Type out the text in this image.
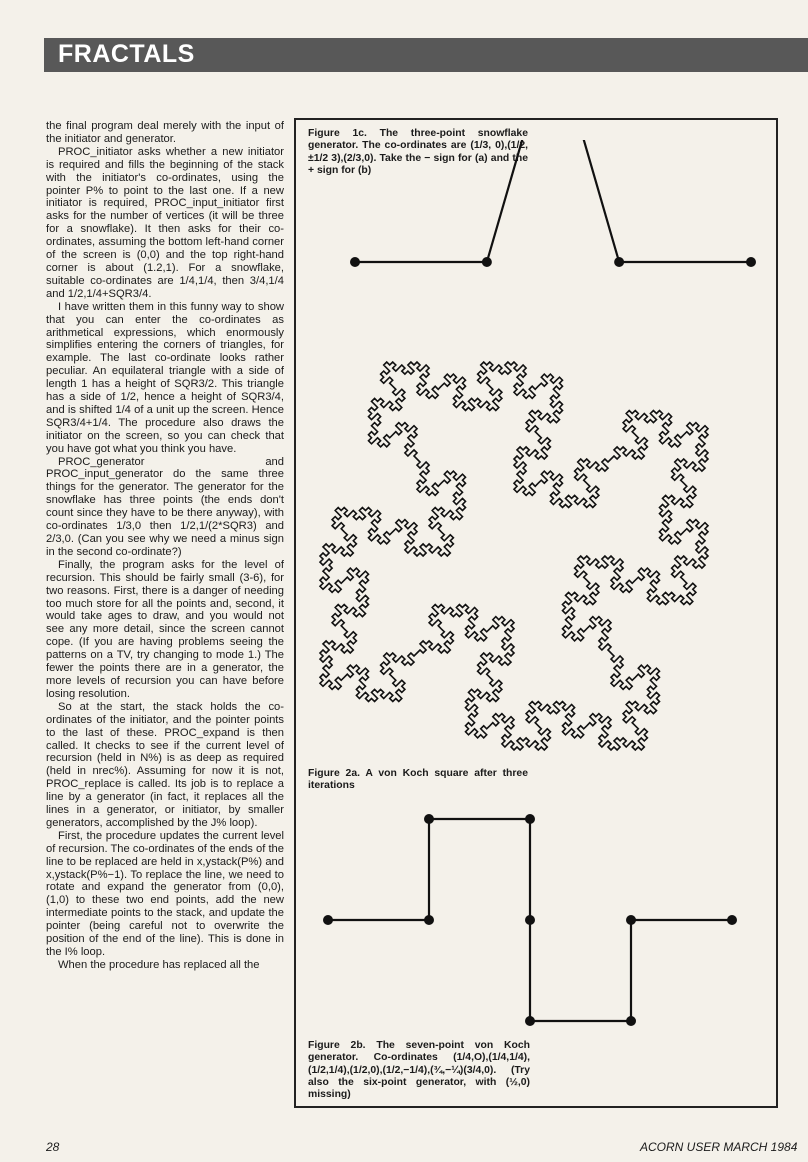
FRACTALS

the final program deal merely with the input of the initiator and generator.

PROC_initiator asks whether a new initiator is required and fills the beginning of the stack with the initiator's co-ordinates, using the pointer P% to point to the last one. If a new initiator is required, PROC_input_initiator first asks for the number of vertices (it will be three for a snowflake). It then asks for their co-ordinates, assuming the bottom left-hand corner of the screen is (0,0) and the top right-hand corner is about (1.2,1). For a snowflake, suitable co-ordinates are 1/4,1/4, then 3/4,1/4 and 1/2,1/4+SQR3/4.

I have written them in this funny way to show that you can enter the co-ordinates as arithmetical expressions, which enormously simplifies entering the corners of triangles, for example. The last co-ordinate looks rather peculiar. An equilateral triangle with a side of length 1 has a height of SQR3/2. This triangle has a side of 1/2, hence a height of SQR3/4, and is shifted 1/4 of a unit up the screen. Hence SQR3/4+1/4. The procedure also draws the initiator on the screen, so you can check that you have got what you think you have.

PROC_generator and PROC_input_generator do the same three things for the generator. The generator for the snowflake has three points (the ends don't count since they have to be there anyway), with co-ordinates 1/3,0 then 1/2,1/(2*SQR3) and 2/3,0. (Can you see why we need a minus sign in the second co-ordinate?)

Finally, the program asks for the level of recursion. This should be fairly small (3-6), for two reasons. First, there is a danger of needing too much store for all the points and, second, it would take ages to draw, and you would not see any more detail, since the screen cannot cope. (If you are having problems seeing the patterns on a TV, try changing to mode 1.) The fewer the points there are in a generator, the more levels of recursion you can have before losing resolution.

So at the start, the stack holds the co-ordinates of the initiator, and the pointer points to the last of these. PROC_expand is then called. It checks to see if the current level of recursion (held in N%) is as deep as required (held in nrec%). Assuming for now it is not, PROC_replace is called. Its job is to replace a line by a generator (in fact, it replaces all the lines in a generator, or initiator, by smaller generators, accomplished by the J% loop).

First, the procedure updates the current level of recursion. The co-ordinates of the ends of the line to be replaced are held in x,ystack(P%) and x,ystack(P%−1). To replace the line, we need to rotate and expand the generator from (0,0), (1,0) to these two end points, add the new intermediate points to the stack, and update the pointer (being careful not to overwrite the position of the end of the line). This is done in the I% loop.

When the procedure has replaced all the

Figure 1c. The three-point snowflake generator. The co-ordinates are (1/3, 0),(1/2,±1/2 3),(2/3,0). Take the − sign for (a) and the + sign for (b)
Figure 2a. A von Koch square after three iterations
Figure 2b. The seven-point von Koch generator. Co-ordinates (1/4,O),(1/4,1/4),(1/2,1/4),(1/2,0),(1/2,−1/4),(¾,−¼)(3/4,0). (Try also the six-point generator, with (½,0) missing)
28	ACORN USER MARCH 1984
